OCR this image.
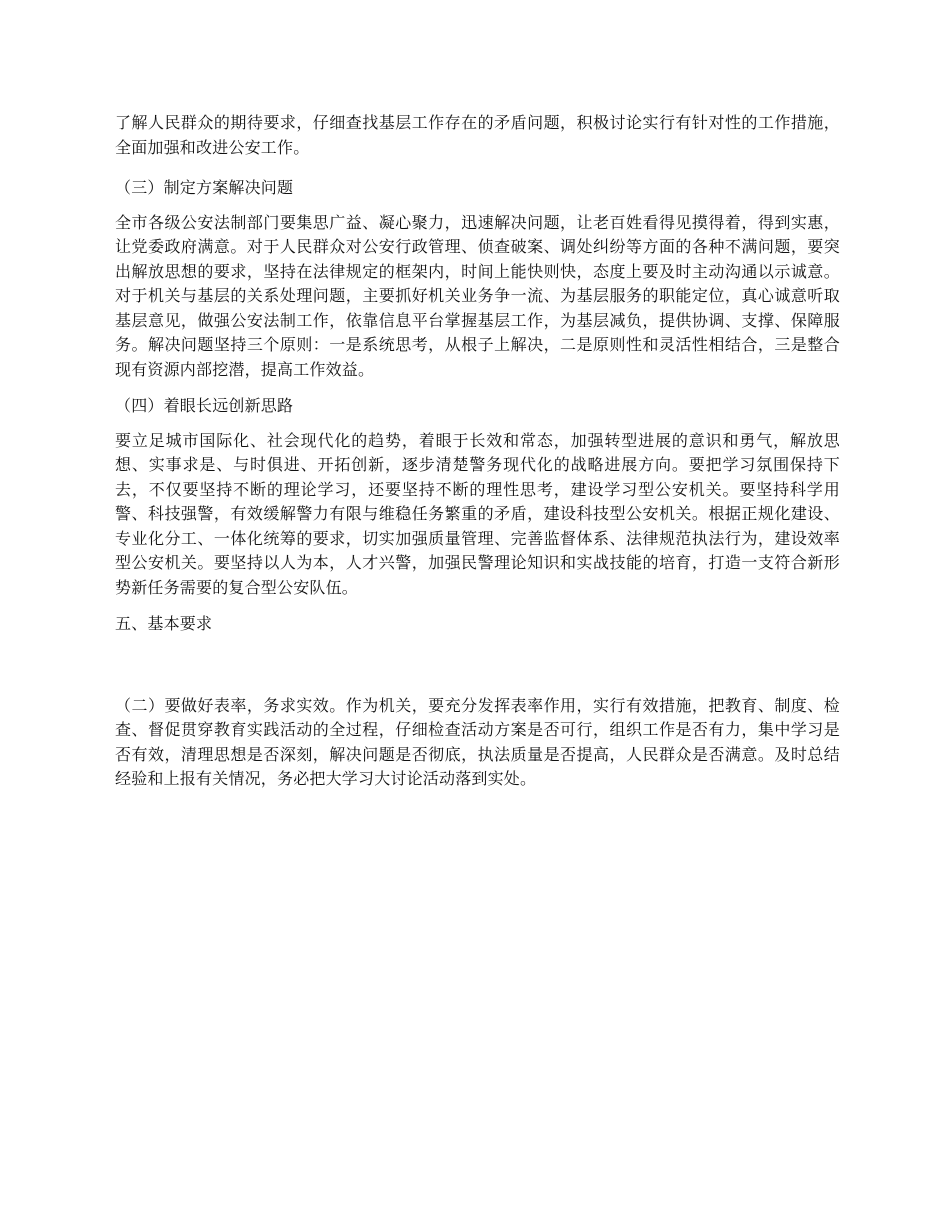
了解人民群众的期待要求，仔细查找基层工作存在的矛盾问题，积极讨论实行有针对性的工作措施，全面加强和改进公安工作。

（三）制定方案解决问题

全市各级公安法制部门要集思广益、凝心聚力，迅速解决问题，让老百姓看得见摸得着，得到实惠，让党委政府满意。对于人民群众对公安行政管理、侦查破案、调处纠纷等方面的各种不满问题，要突出解放思想的要求，坚持在法律规定的框架内，时间上能快则快，态度上要及时主动沟通以示诚意。对于机关与基层的关系处理问题，主要抓好机关业务争一流、为基层服务的职能定位，真心诚意听取基层意见，做强公安法制工作，依靠信息平台掌握基层工作，为基层减负，提供协调、支撑、保障服务。解决问题坚持三个原则：一是系统思考，从根子上解决，二是原则性和灵活性相结合，三是整合现有资源内部挖潜，提高工作效益。

（四）着眼长远创新思路

要立足城市国际化、社会现代化的趋势，着眼于长效和常态，加强转型进展的意识和勇气，解放思想、实事求是、与时俱进、开拓创新，逐步清楚警务现代化的战略进展方向。要把学习氛围保持下去，不仅要坚持不断的理论学习，还要坚持不断的理性思考，建设学习型公安机关。要坚持科学用警、科技强警，有效缓解警力有限与维稳任务繁重的矛盾，建设科技型公安机关。根据正规化建设、专业化分工、一体化统筹的要求，切实加强质量管理、完善监督体系、法律规范执法行为，建设效率型公安机关。要坚持以人为本，人才兴警，加强民警理论知识和实战技能的培育，打造一支符合新形势新任务需要的复合型公安队伍。

五、基本要求

（二）要做好表率，务求实效。作为机关，要充分发挥表率作用，实行有效措施，把教育、制度、检查、督促贯穿教育实践活动的全过程，仔细检查活动方案是否可行，组织工作是否有力，集中学习是否有效，清理思想是否深刻，解决问题是否彻底，执法质量是否提高，人民群众是否满意。及时总结经验和上报有关情况，务必把大学习大讨论活动落到实处。
